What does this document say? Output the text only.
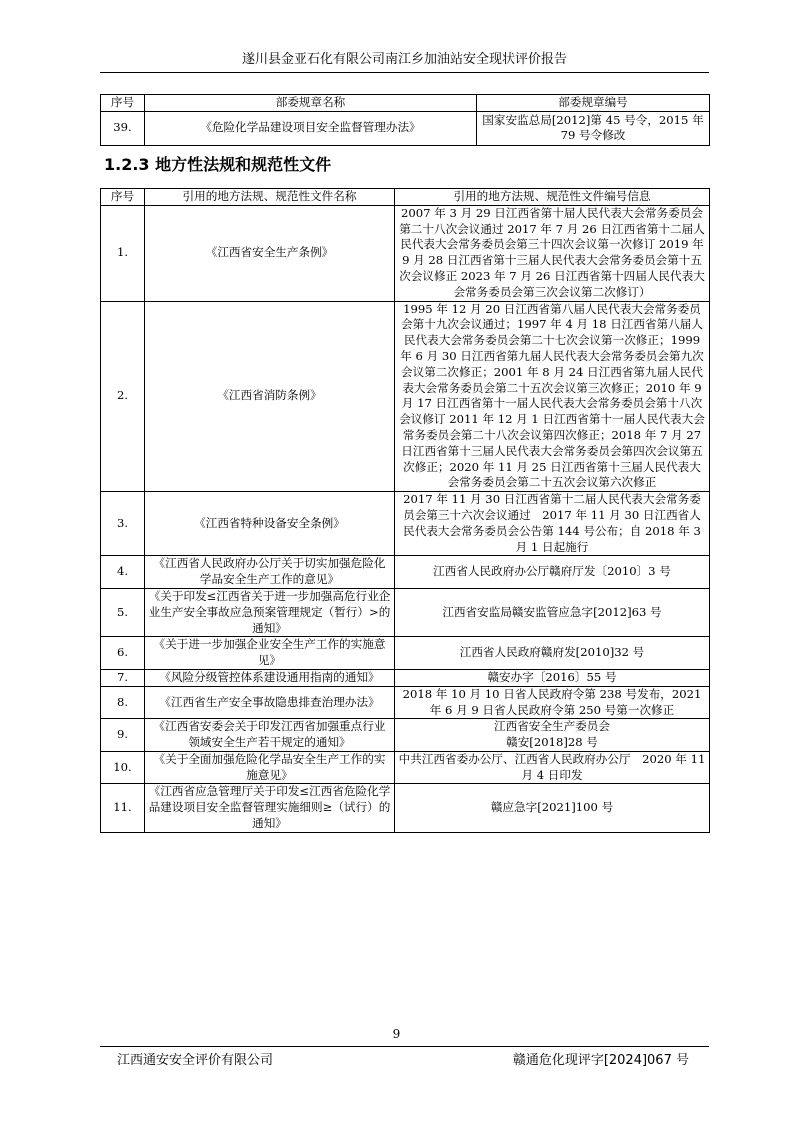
遂川县金亚石化有限公司南江乡加油站安全现状评价报告
序号	部委规章名称	部委规章编号
39.	《危险化学品建设项目安全监督管理办法》	国家安监总局[2012]第 45 号令，2015 年 79 号令修改
1.2.3 地方性法规和规范性文件
序号	引用的地方法规、规范性文件名称	引用的地方法规、规范性文件编号信息
1.	《江西省安全生产条例》	2007 年 3 月 29 日江西省第十届人民代表大会常务委员会第二十八次会议通过 2017 年 7 月 26 日江西省第十二届人民代表大会常务委员会第三十四次会议第一次修订 2019 年 9 月 28 日江西省第十三届人民代表大会常务委员会第十五次会议修正 2023 年 7 月 26 日江西省第十四届人民代表大会常务委员会第三次会议第二次修订）
2.	《江西省消防条例》	1995 年 12 月 20 日江西省第八届人民代表大会常务委员会第十九次会议通过；1997 年 4 月 18 日江西省第八届人民代表大会常务委员会第二十七次会议第一次修正；1999 年 6 月 30 日江西省第九届人民代表大会常务委员会第九次会议第二次修正；2001 年 8 月 24 日江西省第九届人民代表大会常务委员会第二十五次会议第三次修正；2010 年 9 月 17 日江西省第十一届人民代表大会常务委员会第十八次会议修订 2011 年 12 月 1 日江西省第十一届人民代表大会常务委员会第二十八次会议第四次修正；2018 年 7 月 27 日江西省第十三届人民代表大会常务委员会第四次会议第五次修正；2020 年 11 月 25 日江西省第十三届人民代表大会常务委员会第二十五次会议第六次修正
3.	《江西省特种设备安全条例》	2017 年 11 月 30 日江西省第十二届人民代表大会常务委员会第三十六次会议通过　2017 年 11 月 30 日江西省人民代表大会常务委员会公告第 144 号公布；自 2018 年 3 月 1 日起施行
4.	《江西省人民政府办公厅关于切实加强危险化学品安全生产工作的意见》	江西省人民政府办公厅赣府厅发〔2010〕3 号
5.	《关于印发≤江西省关于进一步加强高危行业企业生产安全事故应急预案管理规定（暂行）>的通知》	江西省安监局赣安监管应急字[2012]63 号
6.	《关于进一步加强企业安全生产工作的实施意见》	江西省人民政府赣府发[2010]32 号
7.	《风险分级管控体系建设通用指南的通知》	赣安办字〔2016〕55 号
8.	《江西省生产安全事故隐患排查治理办法》	2018 年 10 月 10 日省人民政府令第 238 号发布，2021 年 6 月 9 日省人民政府令第 250 号第一次修正
9.	《江西省安委会关于印发江西省加强重点行业领域安全生产若干规定的通知》	江西省安全生产委员会
赣安[2018]28 号
10.	《关于全面加强危险化学品安全生产工作的实施意见》	中共江西省委办公厅、江西省人民政府办公厅　2020 年 11 月 4 日印发
11.	《江西省应急管理厅关于印发≤江西省危险化学品建设项目安全监督管理实施细则≥（试行）的通知》	赣应急字[2021]100 号
9
江西通安安全评价有限公司	赣通危化现评字[2024]067 号
